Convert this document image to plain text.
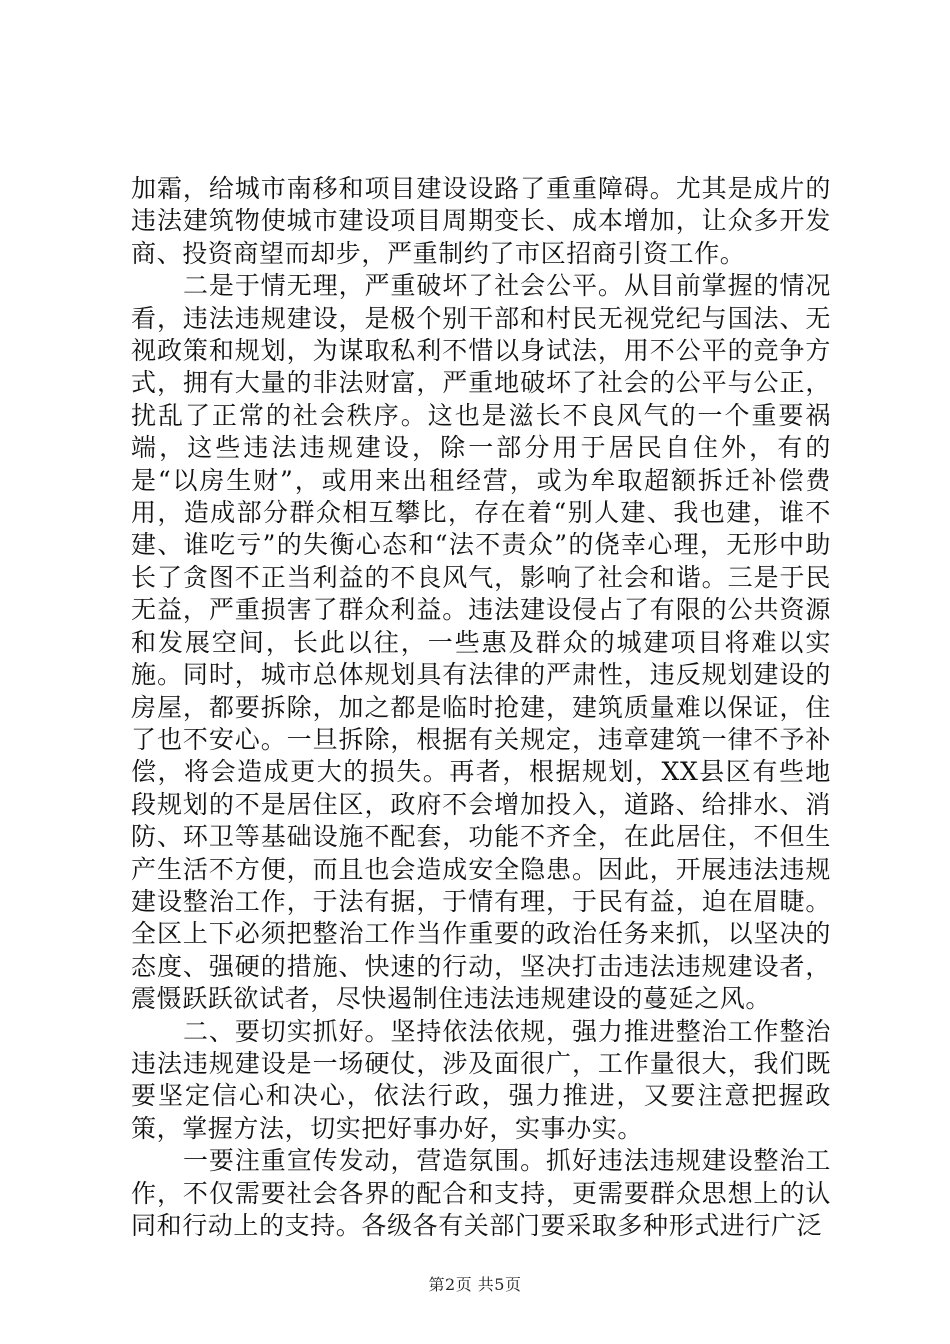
加霜，给城市南移和项目建设设路了重重障碍。尤其是成片的违法建筑物使城市建设项目周期变长、成本增加，让众多开发商、投资商望而却步，严重制约了市区招商引资工作。

二是于情无理，严重破坏了社会公平。从目前掌握的情况看，违法违规建设，是极个别干部和村民无视党纪与国法、无视政策和规划，为谋取私利不惜以身试法，用不公平的竞争方式，拥有大量的非法财富，严重地破坏了社会的公平与公正，扰乱了正常的社会秩序。这也是滋长不良风气的一个重要祸端，这些违法违规建设，除一部分用于居民自住外，有的是“以房生财”，或用来出租经营，或为牟取超额拆迁补偿费用，造成部分群众相互攀比，存在着“别人建、我也建，谁不建、谁吃亏”的失衡心态和“法不责众”的侥幸心理，无形中助长了贪图不正当利益的不良风气，影响了社会和谐。三是于民无益，严重损害了群众利益。违法建设侵占了有限的公共资源和发展空间，长此以往，一些惠及群众的城建项目将难以实施。同时，城市总体规划具有法律的严肃性，违反规划建设的房屋，都要拆除，加之都是临时抢建，建筑质量难以保证，住了也不安心。一旦拆除，根据有关规定，违章建筑一律不予补偿，将会造成更大的损失。再者，根据规划，XX县区有些地段规划的不是居住区，政府不会增加投入，道路、给排水、消防、环卫等基础设施不配套，功能不齐全，在此居住，不但生产生活不方便，而且也会造成安全隐患。因此，开展违法违规建设整治工作，于法有据，于情有理，于民有益，迫在眉睫。全区上下必须把整治工作当作重要的政治任务来抓，以坚决的态度、强硬的措施、快速的行动，坚决打击违法违规建设者，震慑跃跃欲试者，尽快遏制住违法违规建设的蔓延之风。

二、要切实抓好。坚持依法依规，强力推进整治工作整治违法违规建设是一场硬仗，涉及面很广，工作量很大，我们既要坚定信心和决心，依法行政，强力推进，又要注意把握政策，掌握方法，切实把好事办好，实事办实。

一要注重宣传发动，营造氛围。抓好违法违规建设整治工作，不仅需要社会各界的配合和支持，更需要群众思想上的认同和行动上的支持。各级各有关部门要采取多种形式进行广泛

第2页 共5页
